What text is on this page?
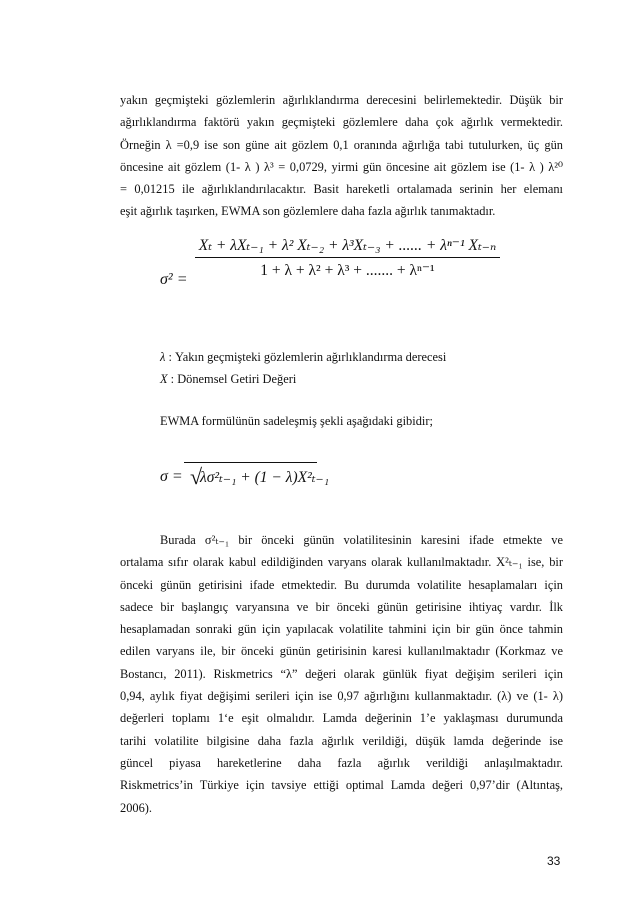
yakın geçmişteki gözlemlerin ağırlıklandırma derecesini belirlemektedir. Düşük bir
ağırlıklandırma faktörü yakın geçmişteki gözlemlere daha çok ağırlık vermektedir.
Örneğin λ =0,9 ise son güne ait gözlem 0,1 oranında ağırlığa tabi tutulurken, üç gün
öncesine ait gözlem (1- λ ) λ³ = 0,0729, yirmi gün öncesine ait gözlem ise (1- λ ) λ²⁰
= 0,01215 ile ağırlıklandırılacaktır. Basit hareketli ortalamada serinin her elemanı
eşit ağırlık taşırken, EWMA son gözlemlere daha fazla ağırlık tanımaktadır.
σ² =
Xₜ + λXₜ₋₁ + λ² Xₜ₋₂ + λ³Xₜ₋₃ + ...... + λⁿ⁻¹ Xₜ₋ₙ
1 + λ + λ² + λ³ + ....... + λⁿ⁻¹
λ : Yakın geçmişteki gözlemlerin ağırlıklandırma derecesi
X : Dönemsel Getiri Değeri
EWMA formülünün sadeleşmiş şekli aşağıdaki gibidir;
σ = √
λσ²ₜ₋₁ + (1 − λ)X²ₜ₋₁
Burada σ²ₜ₋₁ bir önceki günün volatilitesinin karesini ifade etmekte ve
ortalama sıfır olarak kabul edildiğinden varyans olarak kullanılmaktadır. X²ₜ₋₁ ise, bir
önceki günün getirisini ifade etmektedir. Bu durumda volatilite hesaplamaları için
sadece bir başlangıç varyansına ve bir önceki günün getirisine ihtiyaç vardır. İlk
hesaplamadan sonraki gün için yapılacak volatilite tahmini için bir gün önce tahmin
edilen varyans ile, bir önceki günün getirisinin karesi kullanılmaktadır (Korkmaz ve
Bostancı, 2011). Riskmetrics “λ” değeri olarak günlük fiyat değişim serileri için
0,94, aylık fiyat değişimi serileri için ise 0,97 ağırlığını kullanmaktadır. (λ) ve (1- λ)
değerleri toplamı 1‘e eşit olmalıdır. Lamda değerinin 1’e yaklaşması durumunda
tarihi volatilite bilgisine daha fazla ağırlık verildiği, düşük lamda değerinde ise
güncel piyasa hareketlerine daha fazla ağırlık verildiği anlaşılmaktadır.
Riskmetrics’in Türkiye için tavsiye ettiği optimal Lamda değeri 0,97’dir (Altıntaş,
2006).
33
